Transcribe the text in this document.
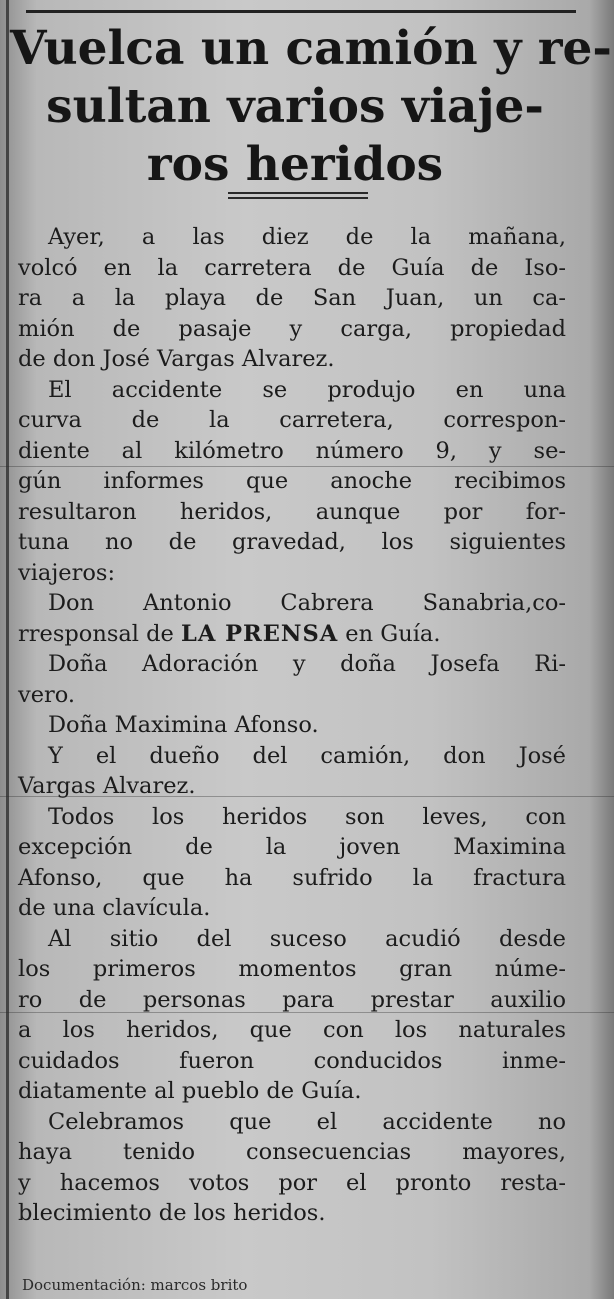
Vuelca un camión y re-
sultan varios viaje-
ros heridos
Ayer, a las diez de la mañana,
volcó en la carretera de Guía de Iso-
ra a la playa de San Juan, un ca-
mión de pasaje y carga, propiedad
de don José Vargas Alvarez.
El accidente se produjo en una
curva de la carretera, correspon-
diente al kilómetro número 9, y se-
gún informes que anoche recibimos
resultaron heridos, aunque por for-
tuna no de gravedad, los siguientes
viajeros:
Don Antonio Cabrera Sanabria,co-
rresponsal de LA PRENSA en Guía.
Doña Adoración y doña Josefa Ri-
vero.
Doña Maximina Afonso.
Y el dueño del camión, don José
Vargas Alvarez.
Todos los heridos son leves, con
excepción de la joven Maximina
Afonso, que ha sufrido la fractura
de una clavícula.
Al sitio del suceso acudió desde
los primeros momentos gran núme-
ro de personas para prestar auxilio
a los heridos, que con los naturales
cuidados fueron conducidos inme-
diatamente al pueblo de Guía.
Celebramos que el accidente no
haya tenido consecuencias mayores,
y hacemos votos por el pronto resta-
blecimiento de los heridos.
Documentación: marcos brito
